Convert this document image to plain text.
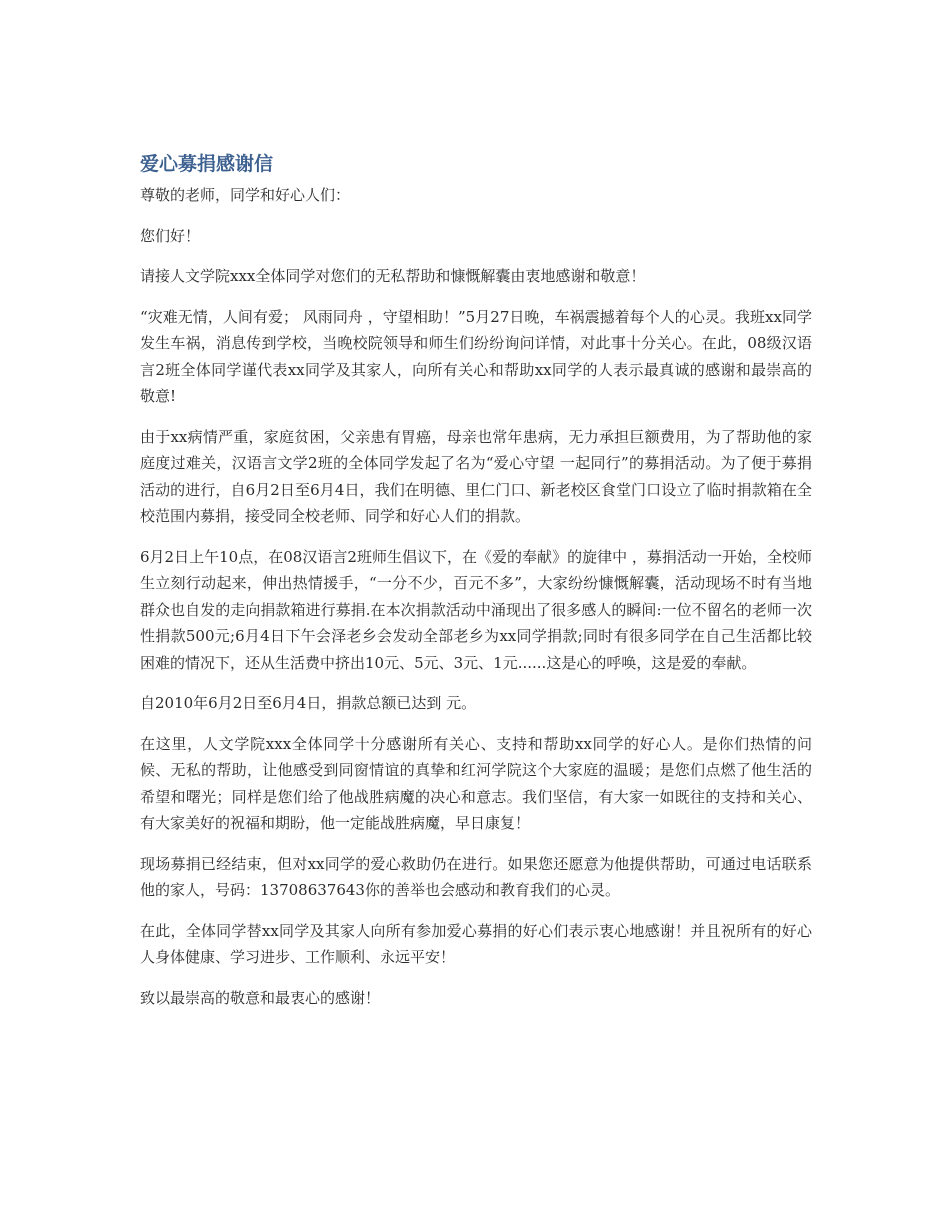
爱心募捐感谢信

尊敬的老师，同学和好心人们：

您们好！

请接人文学院xxx全体同学对您们的无私帮助和慷慨解囊由衷地感谢和敬意！

“灾难无情，人间有爱； 风雨同舟 ，守望相助！”5月27日晚，车祸震撼着每个人的心灵。我班xx同学发生车祸，消息传到学校，当晚校院领导和师生们纷纷询问详情，对此事十分关心。在此，08级汉语言2班全体同学谨代表xx同学及其家人，向所有关心和帮助xx同学的人表示最真诚的感谢和最崇高的敬意!

由于xx病情严重，家庭贫困，父亲患有胃癌，母亲也常年患病，无力承担巨额费用，为了帮助他的家庭度过难关，汉语言文学2班的全体同学发起了名为“爱心守望 一起同行”的募捐活动。为了便于募捐活动的进行，自6月2日至6月4日，我们在明德、里仁门口、新老校区食堂门口设立了临时捐款箱在全校范围内募捐，接受同全校老师、同学和好心人们的捐款。

6月2日上午10点，在08汉语言2班师生倡议下，在《爱的奉献》的旋律中 ，募捐活动一开始，全校师生立刻行动起来，伸出热情援手，“一分不少，百元不多”，大家纷纷慷慨解囊，活动现场不时有当地群众也自发的走向捐款箱进行募捐.在本次捐款活动中涌现出了很多感人的瞬间:一位不留名的老师一次性捐款500元;6月4日下午会泽老乡会发动全部老乡为xx同学捐款;同时有很多同学在自己生活都比较困难的情况下，还从生活费中挤出10元、5元、3元、1元......这是心的呼唤，这是爱的奉献。

自2010年6月2日至6月4日，捐款总额已达到 元。

在这里，人文学院xxx全体同学十分感谢所有关心、支持和帮助xx同学的好心人。是你们热情的问候、无私的帮助，让他感受到同窗情谊的真挚和红河学院这个大家庭的温暖；是您们点燃了他生活的希望和曙光；同样是您们给了他战胜病魔的决心和意志。我们坚信，有大家一如既往的支持和关心、有大家美好的祝福和期盼，他一定能战胜病魔，早日康复！

现场募捐已经结束，但对xx同学的爱心救助仍在进行。如果您还愿意为他提供帮助，可通过电话联系他的家人，号码：13708637643你的善举也会感动和教育我们的心灵。

在此，全体同学替xx同学及其家人向所有参加爱心募捐的好心们表示衷心地感谢！并且祝所有的好心人身体健康、学习进步、工作顺利、永远平安！

致以最崇高的敬意和最衷心的感谢！
